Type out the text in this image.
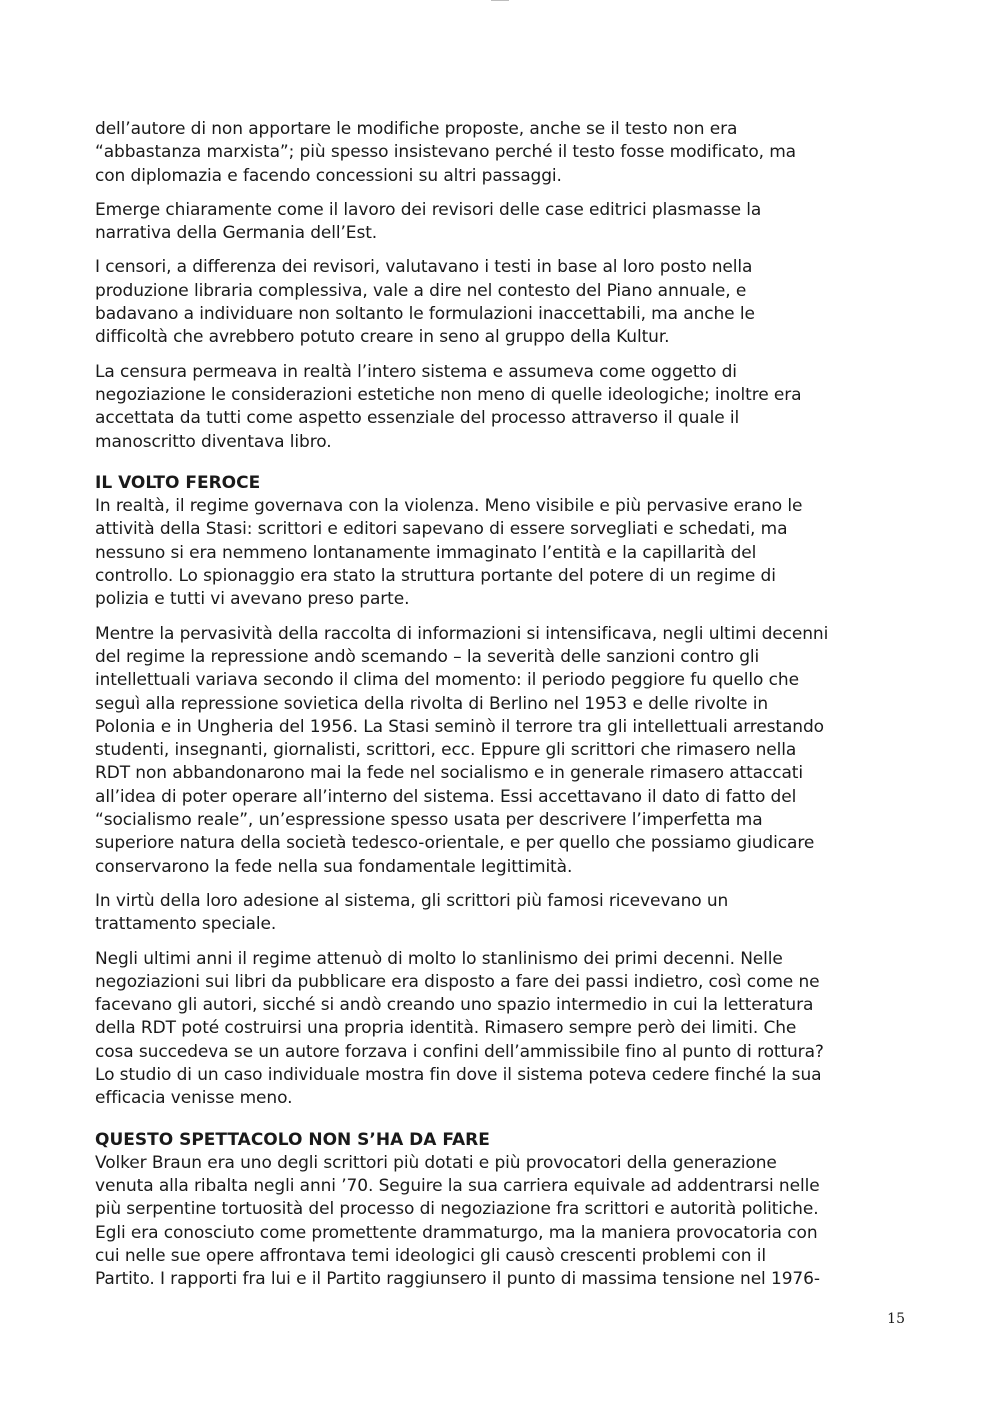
dell’autore di non apportare le modifiche proposte, anche se il testo non era
“abbastanza marxista”; più spesso insistevano perché il testo fosse modificato, ma
con diplomazia e facendo concessioni su altri passaggi.

Emerge chiaramente come il lavoro dei revisori delle case editrici plasmasse la
narrativa della Germania dell’Est.

I censori, a differenza dei revisori, valutavano i testi in base al loro posto nella
produzione libraria complessiva, vale a dire nel contesto del Piano annuale, e
badavano a individuare non soltanto le formulazioni inaccettabili, ma anche le
difficoltà che avrebbero potuto creare in seno al gruppo della Kultur.

La censura permeava in realtà l’intero sistema e assumeva come oggetto di
negoziazione le considerazioni estetiche non meno di quelle ideologiche; inoltre era
accettata da tutti come aspetto essenziale del processo attraverso il quale il
manoscritto diventava libro.

IL VOLTO FEROCE

In realtà, il regime governava con la violenza. Meno visibile e più pervasive erano le
attività della Stasi: scrittori e editori sapevano di essere sorvegliati e schedati, ma
nessuno si era nemmeno lontanamente immaginato l’entità e la capillarità del
controllo. Lo spionaggio era stato la struttura portante del potere di un regime di
polizia e tutti vi avevano preso parte.

Mentre la pervasività della raccolta di informazioni si intensificava, negli ultimi decenni
del regime la repressione andò scemando – la severità delle sanzioni contro gli
intellettuali variava secondo il clima del momento: il periodo peggiore fu quello che
seguì alla repressione sovietica della rivolta di Berlino nel 1953 e delle rivolte in
Polonia e in Ungheria del 1956. La Stasi seminò il terrore tra gli intellettuali arrestando
studenti, insegnanti, giornalisti, scrittori, ecc. Eppure gli scrittori che rimasero nella
RDT non abbandonarono mai la fede nel socialismo e in generale rimasero attaccati
all’idea di poter operare all’interno del sistema. Essi accettavano il dato di fatto del
“socialismo reale”, un’espressione spesso usata per descrivere l’imperfetta ma
superiore natura della società tedesco-orientale, e per quello che possiamo giudicare
conservarono la fede nella sua fondamentale legittimità.

In virtù della loro adesione al sistema, gli scrittori più famosi ricevevano un
trattamento speciale.

Negli ultimi anni il regime attenuò di molto lo stanlinismo dei primi decenni. Nelle
negoziazioni sui libri da pubblicare era disposto a fare dei passi indietro, così come ne
facevano gli autori, sicché si andò creando uno spazio intermedio in cui la letteratura
della RDT poté costruirsi una propria identità. Rimasero sempre però dei limiti. Che
cosa succedeva se un autore forzava i confini dell’ammissibile fino al punto di rottura?
Lo studio di un caso individuale mostra fin dove il sistema poteva cedere finché la sua
efficacia venisse meno.

QUESTO SPETTACOLO NON S’HA DA FARE

Volker Braun era uno degli scrittori più dotati e più provocatori della generazione
venuta alla ribalta negli anni ’70. Seguire la sua carriera equivale ad addentrarsi nelle
più serpentine tortuosità del processo di negoziazione fra scrittori e autorità politiche.
Egli era conosciuto come promettente drammaturgo, ma la maniera provocatoria con
cui nelle sue opere affrontava temi ideologici gli causò crescenti problemi con il
Partito. I rapporti fra lui e il Partito raggiunsero il punto di massima tensione nel 1976-

15
